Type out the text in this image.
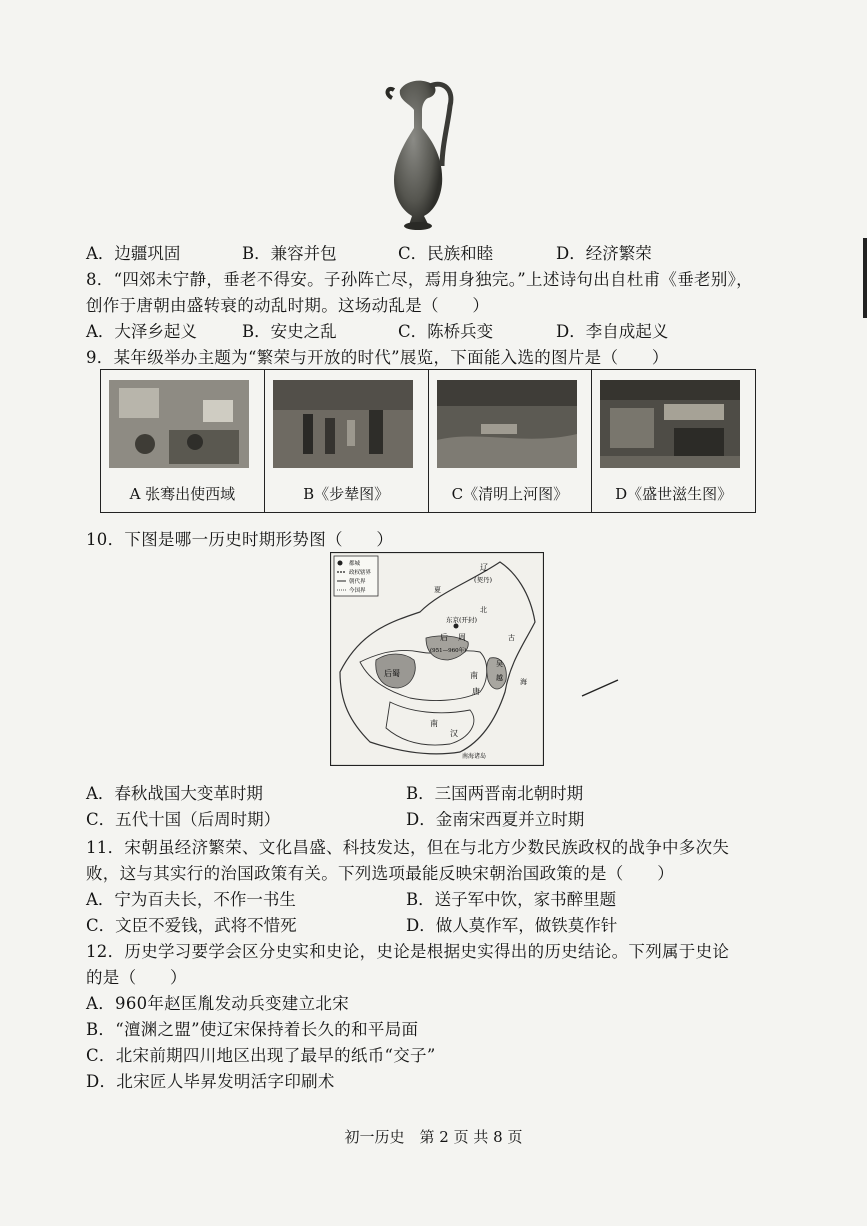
A．边疆巩固	B．兼容并包	C．民族和睦	D．经济繁荣
8．“四郊未宁静，垂老不得安。子孙阵亡尽，焉用身独完。”上述诗句出自杜甫《垂老别》，
创作于唐朝由盛转衰的动乱时期。这场动乱是（　　）
A．大泽乡起义	B．安史之乱	C．陈桥兵变	D．李自成起义
9．某年级举办主题为“繁荣与开放的时代”展览，下面能入选的图片是（　　）
A 张骞出使西域	B《步辇图》	C《清明上河图》	D《盛世滋生图》
10．下图是哪一历史时期形势图（　　）
都城
政权辖界
朝代界
今国界
辽
(契丹)
东京(开封)
后 周
(951—960年)
后蜀	南
唐
吴
越
南
汉
北
夏
古
海
南海诸岛
A．春秋战国大变革时期	B．三国两晋南北朝时期
C．五代十国（后周时期）	D．金南宋西夏并立时期
11．宋朝虽经济繁荣、文化昌盛、科技发达，但在与北方少数民族政权的战争中多次失
败，这与其实行的治国政策有关。下列选项最能反映宋朝治国政策的是（　　）
A．宁为百夫长，不作一书生	B．送子军中饮，家书醉里题
C．文臣不爱钱，武将不惜死	D．做人莫作军，做铁莫作针
12．历史学习要学会区分史实和史论，史论是根据史实得出的历史结论。下列属于史论
的是（　　）
A．960年赵匡胤发动兵变建立北宋
B．“澶渊之盟”使辽宋保持着长久的和平局面
C．北宋前期四川地区出现了最早的纸币“交子”
D．北宋匠人毕昇发明活字印刷术
初一历史　第 2 页 共 8 页
